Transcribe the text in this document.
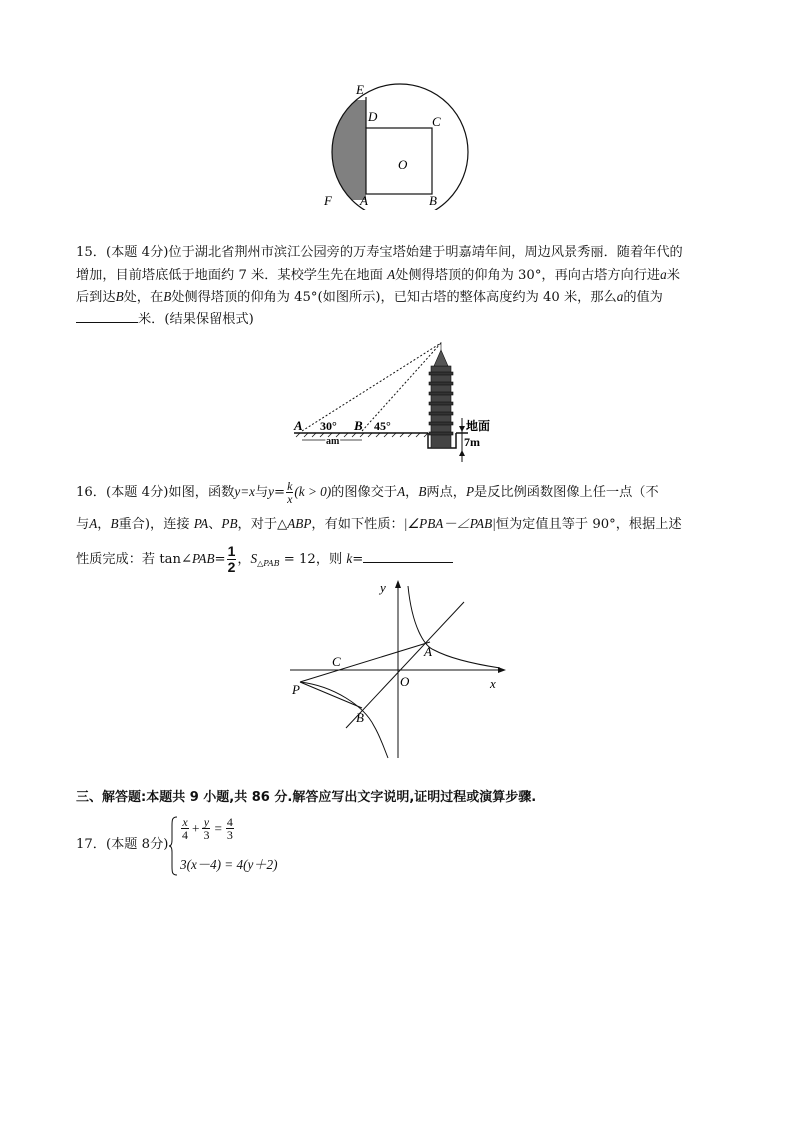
E
D	C
O
F A	B
15．(本题 4分)位于湖北省荆州市滨江公园旁的万寿宝塔始建于明嘉靖年间，周边风景秀丽．随着年代的
增加，目前塔底低于地面约 7 米．某校学生先在地面 A处侧得塔顶的仰角为 30°，再向古塔方向行进a米
后到达B处，在B处侧得塔顶的仰角为 45°(如图所示)，已知古塔的整体高度约为 40 米，那么a的值为
米．(结果保留根式)
A 30° B 45°
am
地面
7m
16．(本题 4分)如图，函数y=x与$y= \frac{k}{x} (k > 0)$的图像交于A，B两点，P是反比例函数图像上任一点（不
与A，B重合)，连接 PA、PB，对于△ABP，有如下性质：|∠PBA－∠PAB|恒为定值且等于 90°，根据上述
性质完成：若 tan∠PAB= $\frac{1}{2}$ ，$S_{\triangle PAB} = 12$，则 k=
y
x
O
A
C
P
B
三、解答题:本题共 9 小题,共 86 分.解答应写出文字说明,证明过程或演算步骤.
17．(本题 8分)
$\frac{x}{4} + \frac{y}{3} = \frac{4}{3}$
3(x－4) = 4(y＋2)
